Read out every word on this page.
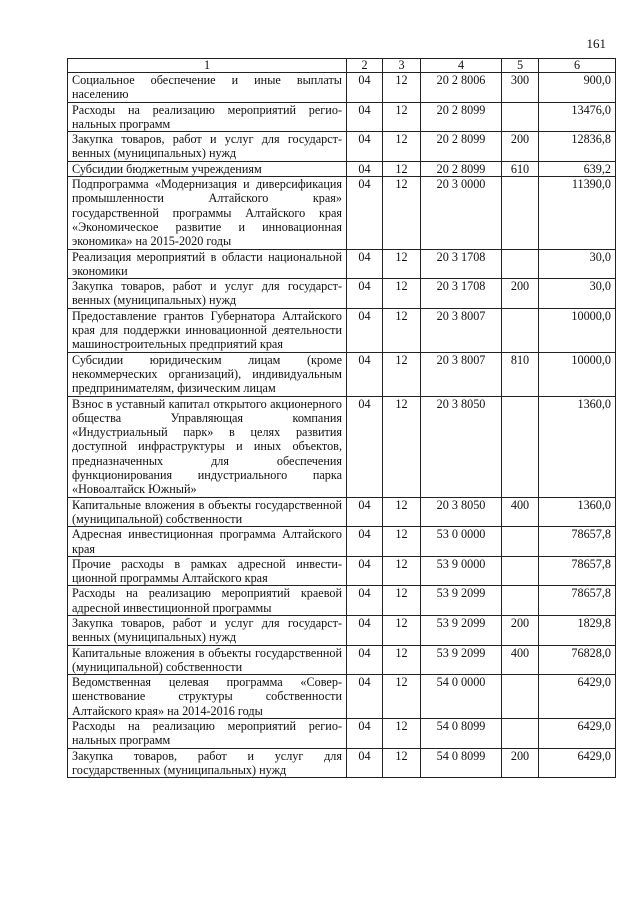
161
1	2	3	4	5	6
Социальное обеспечение и иные выплаты населению	04	12	20 2 8006	300	900,0
Расходы на реализацию мероприятий региональных программ	04	12	20 2 8099		13476,0
Закупка товаров, работ и услуг для государственных (муниципальных) нужд	04	12	20 2 8099	200	12836,8
Субсидии бюджетным учреждениям	04	12	20 2 8099	610	639,2
Подпрограмма «Модернизация и диверсификация промышленности Алтайского края» государственной программы Алтайского края «Экономическое развитие и инновационная экономика» на 2015-2020 годы	04	12	20 3 0000		11390,0
Реализация мероприятий в области национальной экономики	04	12	20 3 1708		30,0
Закупка товаров, работ и услуг для государственных (муниципальных) нужд	04	12	20 3 1708	200	30,0
Предоставление грантов Губернатора Алтайского края для поддержки инновационной деятельности машиностроительных предприятий края	04	12	20 3 8007		10000,0
Субсидии юридическим лицам (кроме некоммерческих организаций), индивидуальным предпринимателям, физическим лицам	04	12	20 3 8007	810	10000,0
Взнос в уставный капитал открытого акционерного общества Управляющая компания «Индустриальный парк» в целях развития доступной инфраструктуры и иных объектов, предназначенных для обеспечения функционирования индустриального парка «Новоалтайск Южный»	04	12	20 3 8050		1360,0
Капитальные вложения в объекты государственной (муниципальной) собственности	04	12	20 3 8050	400	1360,0
Адресная инвестиционная программа Алтайского края	04	12	53 0 0000		78657,8
Прочие расходы в рамках адресной инвестиционной программы Алтайского края	04	12	53 9 0000		78657,8
Расходы на реализацию мероприятий краевой адресной инвестиционной программы	04	12	53 9 2099		78657,8
Закупка товаров, работ и услуг для государственных (муниципальных) нужд	04	12	53 9 2099	200	1829,8
Капитальные вложения в объекты государственной (муниципальной) собственности	04	12	53 9 2099	400	76828,0
Ведомственная целевая программа «Совершенствование структуры собственности Алтайского края» на 2014-2016 годы	04	12	54 0 0000		6429,0
Расходы на реализацию мероприятий региональных программ	04	12	54 0 8099		6429,0
Закупка товаров, работ и услуг для государственных (муниципальных) нужд	04	12	54 0 8099	200	6429,0
